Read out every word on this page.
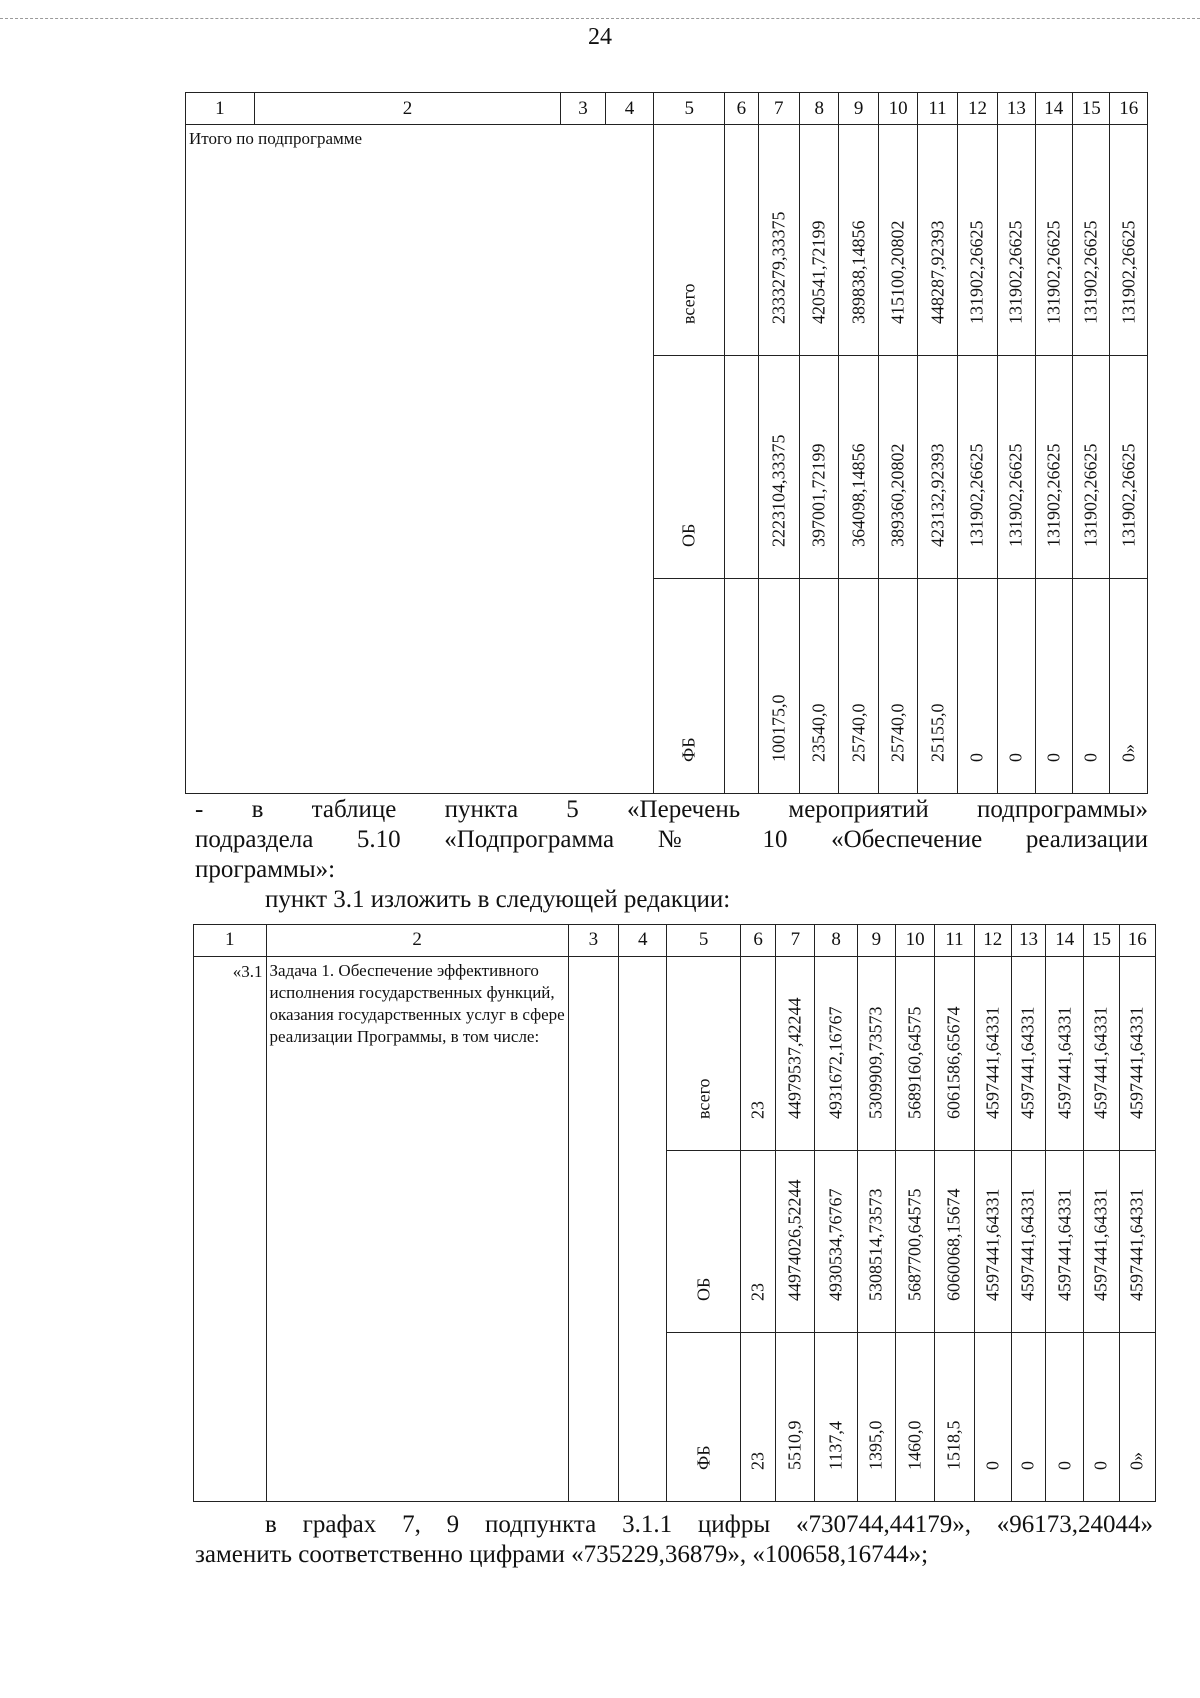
24
1	2	3	4	5	6	7	8	9	10	11	12	13	14	15	16

Итого по подпрограмме				всего		2333279,33375	420541,72199	389838,14856	415100,20802	448287,92393	131902,26625	131902,26625	131902,26625	131902,26625	131902,26625

				ОБ		2223104,33375	397001,72199	364098,14856	389360,20802	423132,92393	131902,26625	131902,26625	131902,26625	131902,26625	131902,26625

				ФБ		100175,0	23540,0	25740,0	25740,0	25155,0	0	0	0	0	0»
- в таблице пункта 5 «Перечень мероприятий подпрограммы»
подраздела 5.10 «Подпрограмма № 10 «Обеспечение реализации
программы»:
пункт 3.1 изложить в следующей редакции:
1	2	3	4	5	6	7	8	9	10	11	12	13	14	15	16

«3.1	Задача 1. Обеспечение эффективного исполнения государственных функций, оказания государственных услуг в сфере реализации Программы, в том числе:			всего	23	44979537,42244	4931672,16767	5309909,73573	5689160,64575	6061586,65674	4597441,64331	4597441,64331	4597441,64331	4597441,64331	4597441,64331

				ОБ	23	44974026,52244	4930534,76767	5308514,73573	5687700,64575	6060068,15674	4597441,64331	4597441,64331	4597441,64331	4597441,64331	4597441,64331

				ФБ	23	5510,9	1137,4	1395,0	1460,0	1518,5	0	0	0	0	0»
в графах 7, 9 подпункта 3.1.1 цифры «730744,44179», «96173,24044»
заменить соответственно цифрами «735229,36879», «100658,16744»;
